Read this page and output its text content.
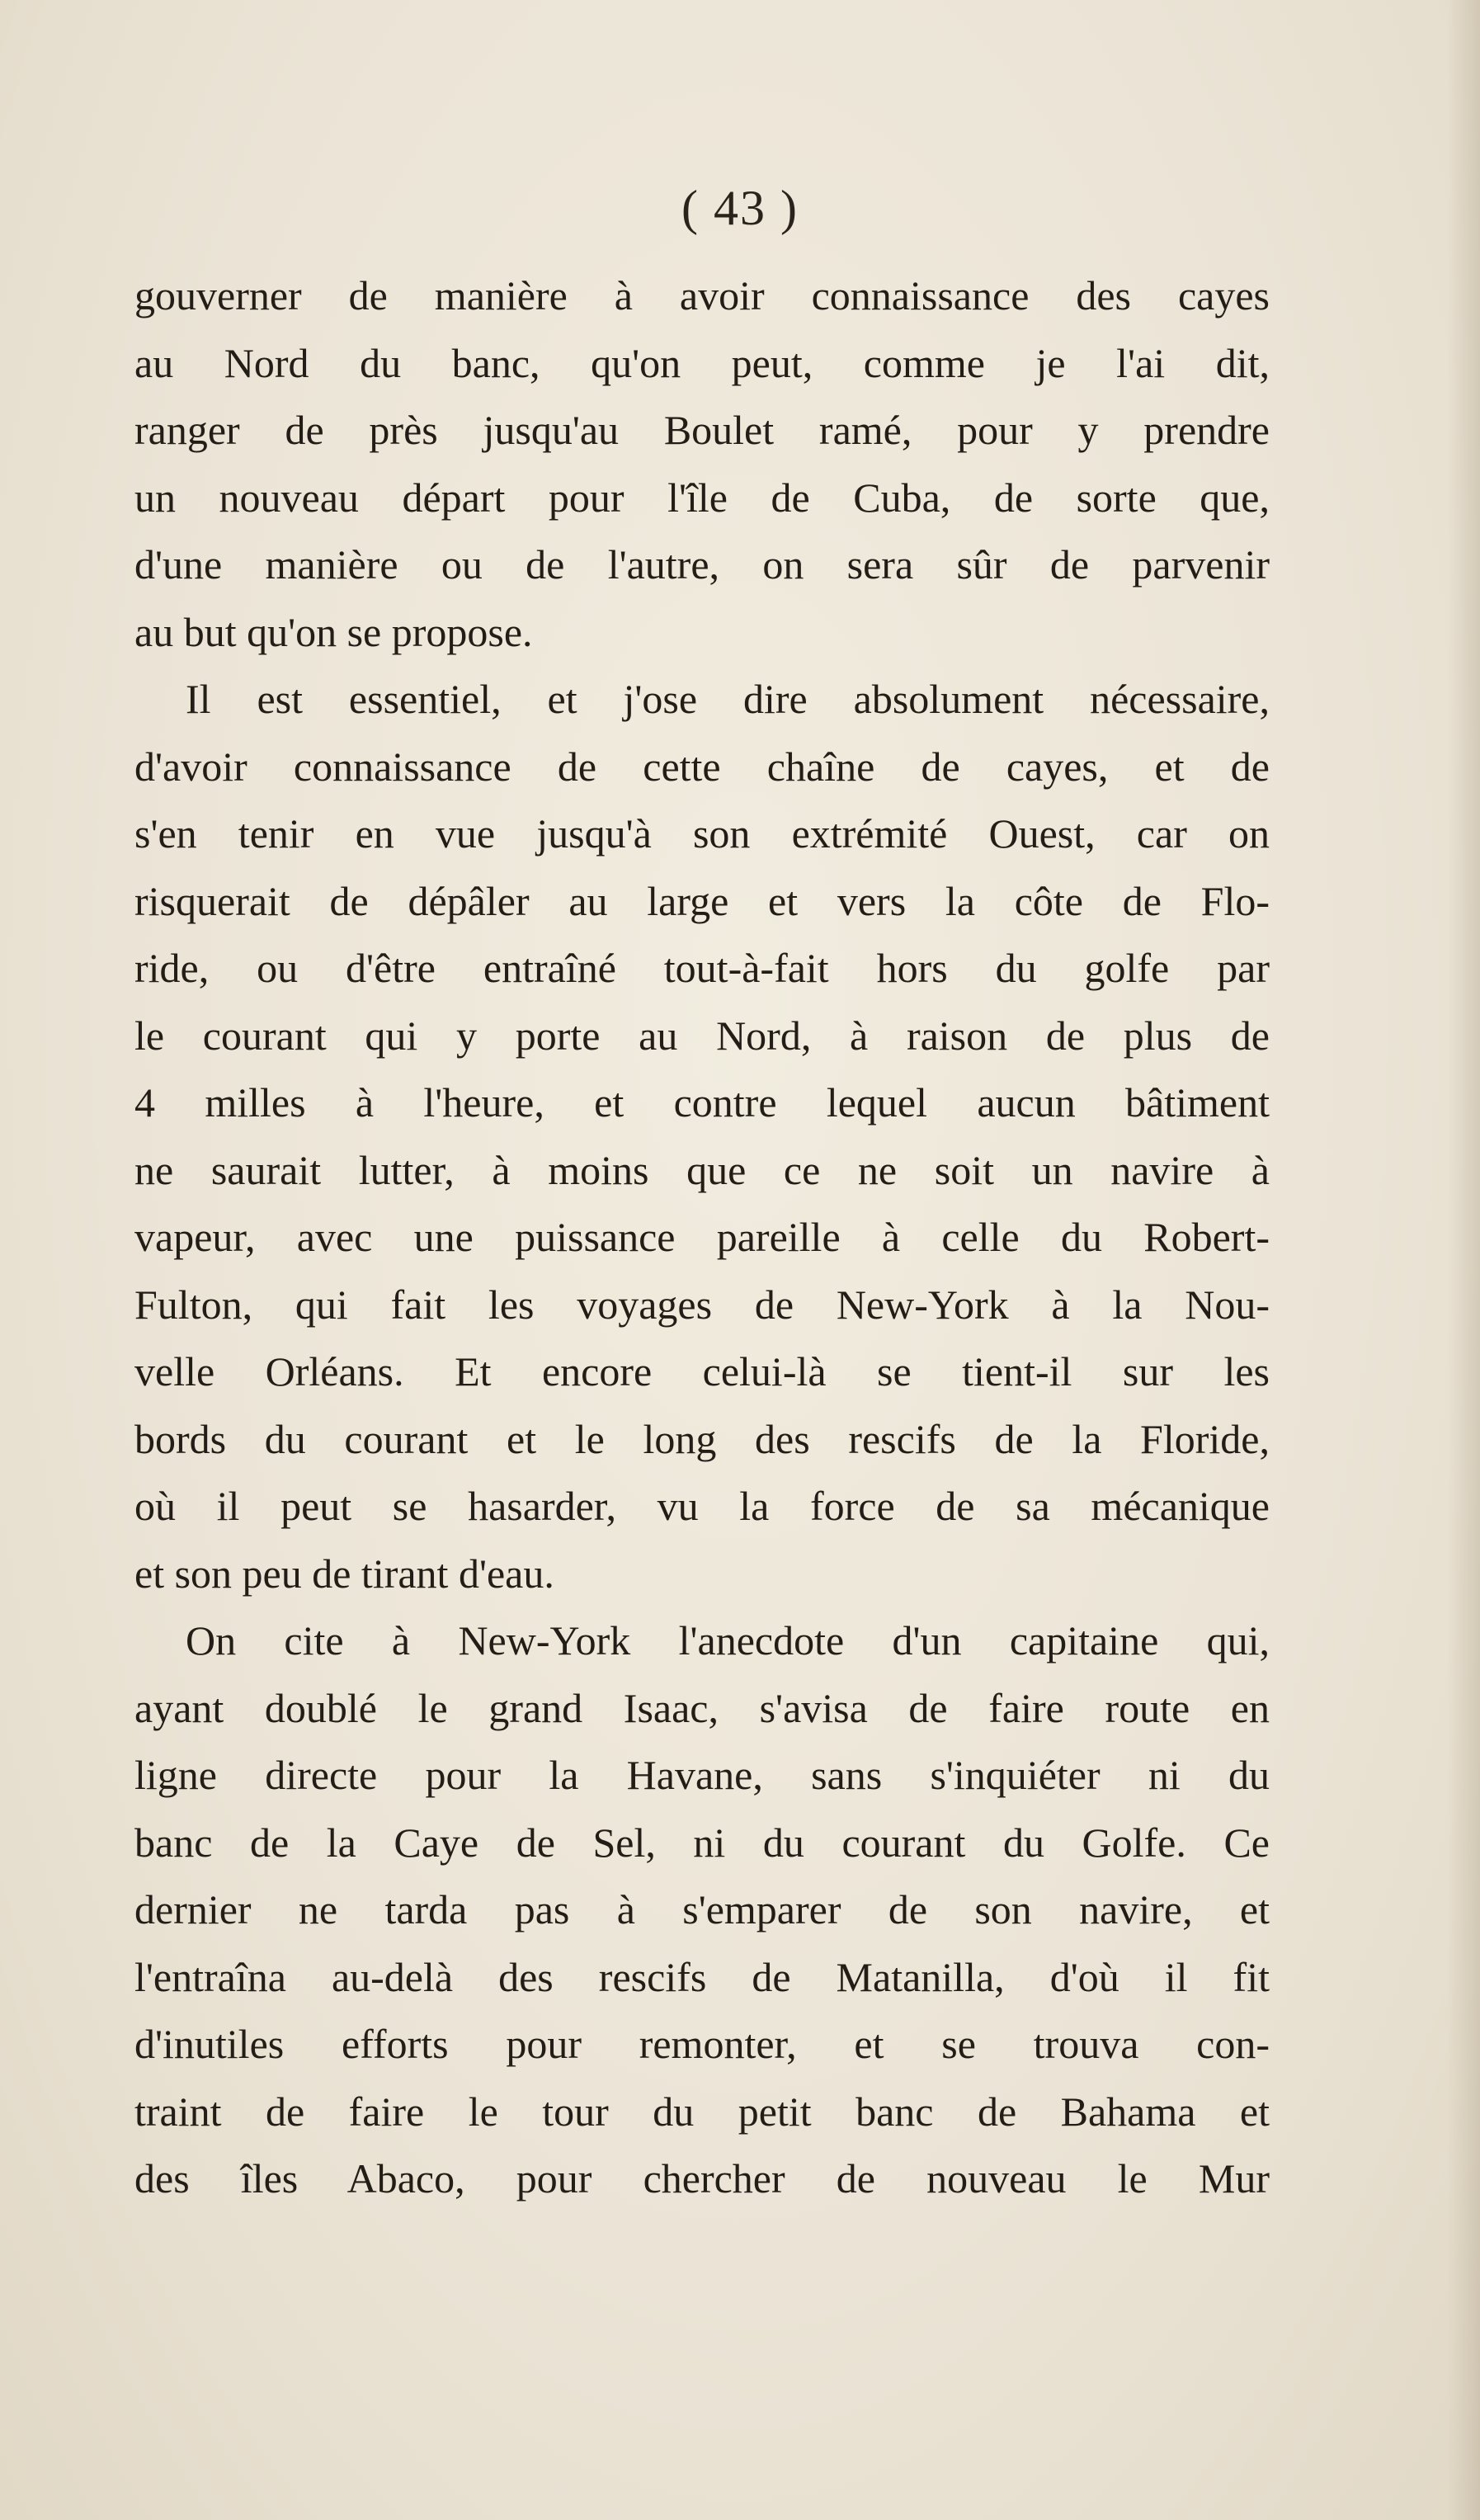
( 43 )
gouverner de manière à avoir connaissance des cayes
au Nord du banc, qu'on peut, comme je l'ai dit,
ranger de près jusqu'au Boulet ramé, pour y prendre
un nouveau départ pour l'île de Cuba, de sorte que,
d'une manière ou de l'autre, on sera sûr de parvenir
au but qu'on se propose.
Il est essentiel, et j'ose dire absolument nécessaire,
d'avoir connaissance de cette chaîne de cayes, et de
s'en tenir en vue jusqu'à son extrémité Ouest, car on
risquerait de dépâler au large et vers la côte de Flo-
ride, ou d'être entraîné tout-à-fait hors du golfe par
le courant qui y porte au Nord, à raison de plus de
4 milles à l'heure, et contre lequel aucun bâtiment
ne saurait lutter, à moins que ce ne soit un navire à
vapeur, avec une puissance pareille à celle du Robert-
Fulton, qui fait les voyages de New-York à la Nou-
velle Orléans. Et encore celui-là se tient-il sur les
bords du courant et le long des rescifs de la Floride,
où il peut se hasarder, vu la force de sa mécanique
et son peu de tirant d'eau.
On cite à New-York l'anecdote d'un capitaine qui,
ayant doublé le grand Isaac, s'avisa de faire route en
ligne directe pour la Havane, sans s'inquiéter ni du
banc de la Caye de Sel, ni du courant du Golfe. Ce
dernier ne tarda pas à s'emparer de son navire, et
l'entraîna au-delà des rescifs de Matanilla, d'où il fit
d'inutiles efforts pour remonter, et se trouva con-
traint de faire le tour du petit banc de Bahama et
des îles Abaco, pour chercher de nouveau le Mur
